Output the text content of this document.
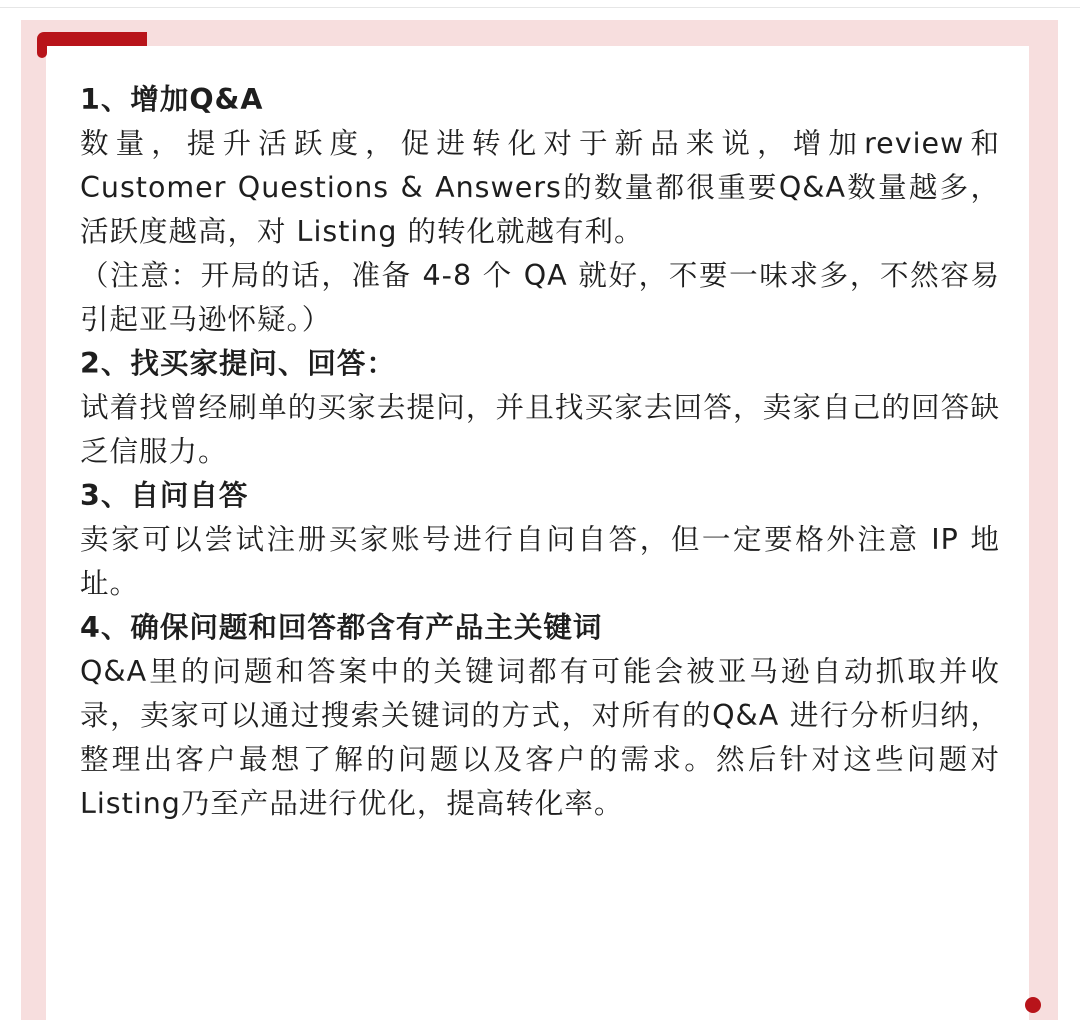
1、增加Q&A

数量，提升活跃度，促进转化对于新品来说，增加review和Customer Questions & Answers的数量都很重要Q&A数量越多，活跃度越高，对 Listing 的转化就越有利。

（注意：开局的话，准备 4-8 个 QA 就好，不要一味求多，不然容易引起亚马逊怀疑。）

2、找买家提问、回答：

试着找曾经刷单的买家去提问，并且找买家去回答，卖家自己的回答缺乏信服力。

3、自问自答

卖家可以尝试注册买家账号进行自问自答，但一定要格外注意 IP 地址。

4、确保问题和回答都含有产品主关键词

Q&A里的问题和答案中的关键词都有可能会被亚马逊自动抓取并收录，卖家可以通过搜索关键词的方式，对所有的Q&A 进行分析归纳，整理出客户最想了解的问题以及客户的需求。然后针对这些问题对 Listing乃至产品进行优化，提高转化率。
